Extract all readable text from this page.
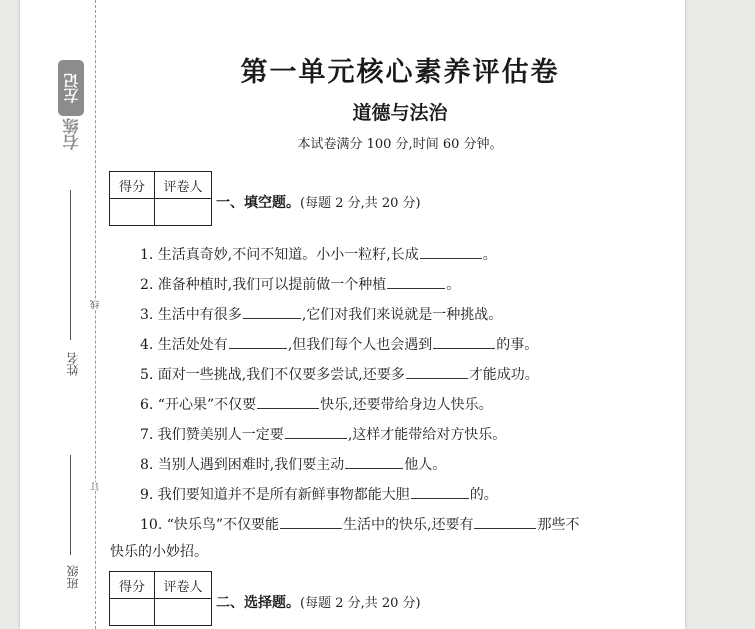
左记
右练
姓名
班级
线
订
第一单元核心素养评估卷
道德与法治
本试卷满分 100 分,时间 60 分钟。
得分	评卷人

一、填空题。(每题 2 分,共 20 分)
1. 生活真奇妙,不问不知道。小小一粒籽,长成	。
2. 准备种植时,我们可以提前做一个种植	。
3. 生活中有很多	,它们对我们来说就是一种挑战。
4. 生活处处有	,但我们每个人也会遇到	的事。
5. 面对一些挑战,我们不仅要多尝试,还要多	才能成功。
6. “开心果”不仅要	快乐,还要带给身边人快乐。
7. 我们赞美别人一定要	,这样才能带给对方快乐。
8. 当别人遇到困难时,我们要主动	他人。
9. 我们要知道并不是所有新鲜事物都能大胆	的。
10. “快乐鸟”不仅要能	生活中的快乐,还要有	那些不
快乐的小妙招。
得分	评卷人

二、选择题。(每题 2 分,共 20 分)
